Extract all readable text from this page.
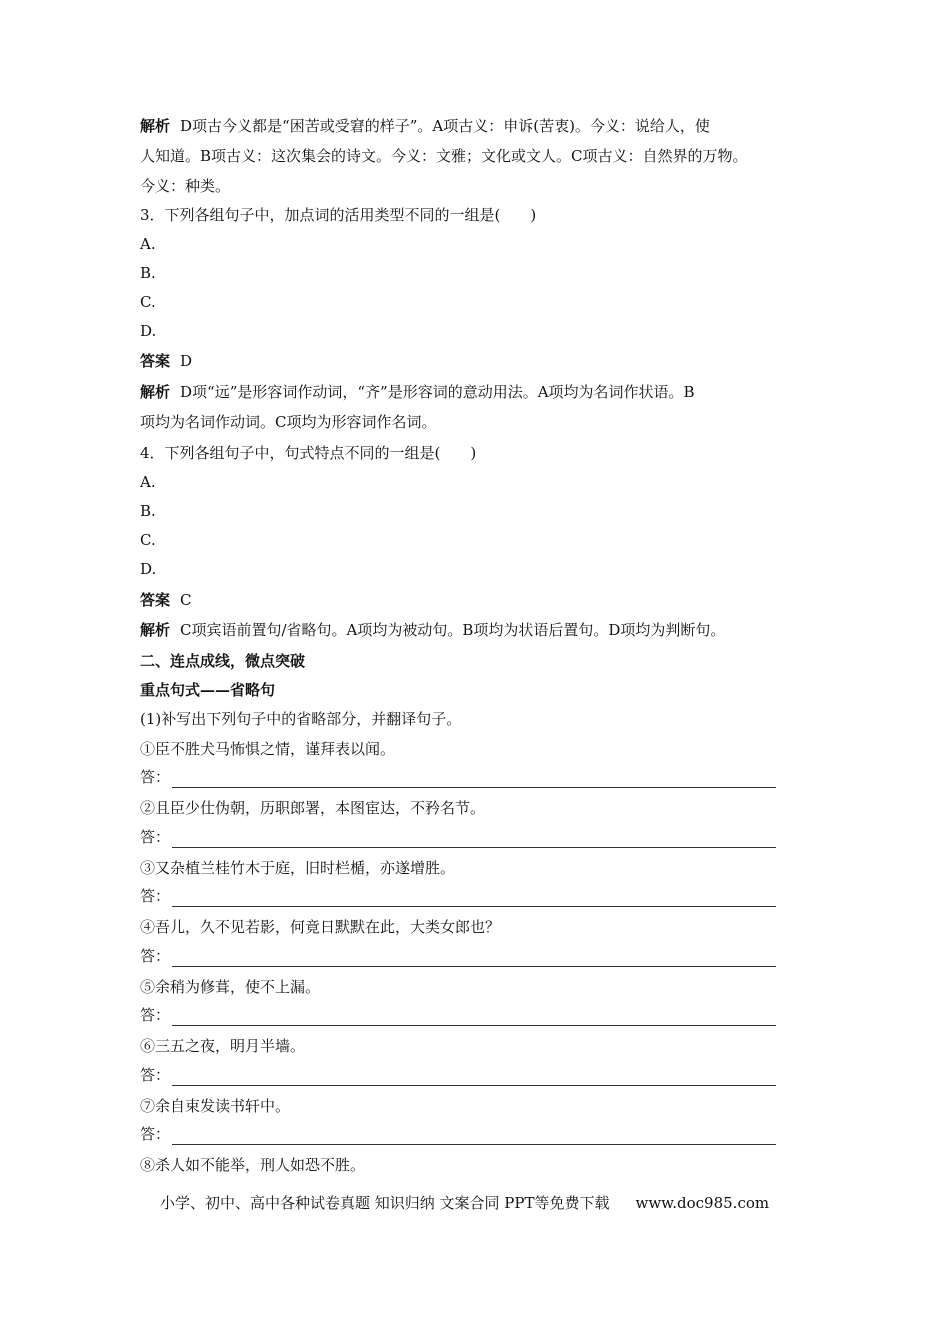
解析 D项古今义都是“困苦或受窘的样子”。A项古义：申诉(苦衷)。今义：说给人，使
人知道。B项古义：这次集会的诗文。今义：文雅；文化或文人。C项古义：自然界的万物。
今义：种类。
3．下列各组句子中，加点词的活用类型不同的一组是(　　)
A.
B.
C.
D.
答案 D
解析 D项“远”是形容词作动词，“齐”是形容词的意动用法。A项均为名词作状语。B
项均为名词作动词。C项均为形容词作名词。
4．下列各组句子中，句式特点不同的一组是(　　)
A.
B.
C.
D.
答案 C
解析 C项宾语前置句/省略句。A项均为被动句。B项均为状语后置句。D项均为判断句。
二、连点成线，微点突破
重点句式——省略句
(1)补写出下列句子中的省略部分，并翻译句子。
①臣不胜犬马怖惧之情，谨拜表以闻。
答：
②且臣少仕伪朝，历职郎署，本图宦达，不矜名节。
答：
③又杂植兰桂竹木于庭，旧时栏楯，亦遂增胜。
答：
④吾儿，久不见若影，何竟日默默在此，大类女郎也？
答：
⑤余稍为修葺，使不上漏。
答：
⑥三五之夜，明月半墙。
答：
⑦余自束发读书轩中。
答：
⑧杀人如不能举，刑人如恐不胜。
小学、初中、高中各种试卷真题 知识归纳 文案合同 PPT等免费下载 www.doc985.com
